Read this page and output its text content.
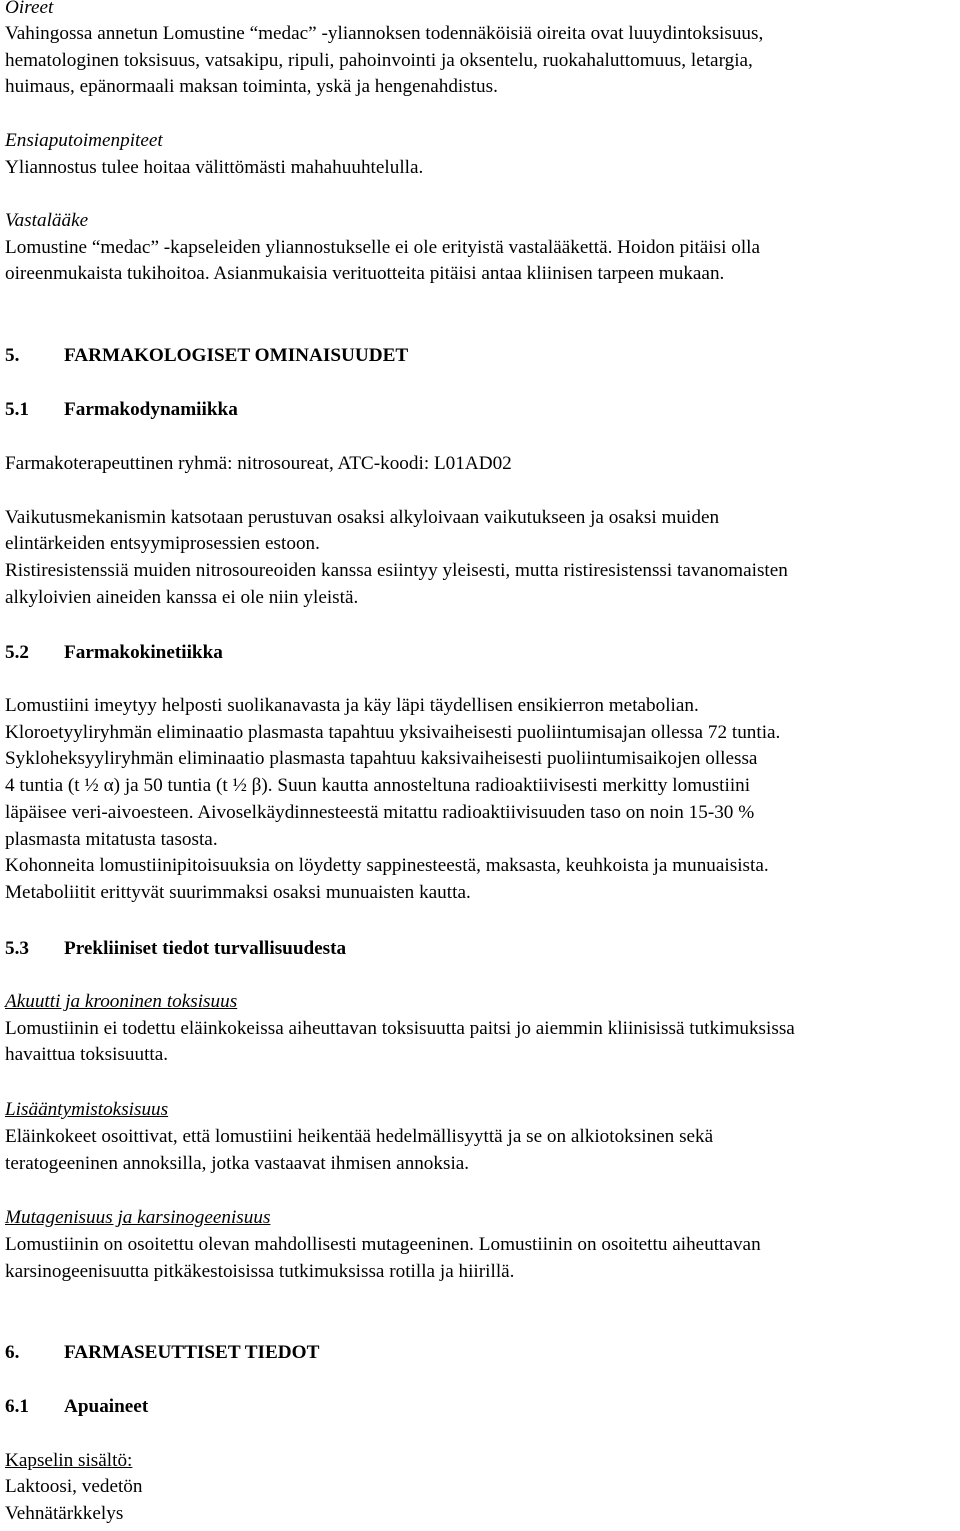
Oireet
Vahingossa annetun Lomustine “medac” -yliannoksen todennäköisiä oireita ovat luuydintoksisuus,
hematologinen toksisuus, vatsakipu, ripuli, pahoinvointi ja oksentelu, ruokahaluttomuus, letargia,
huimaus, epänormaali maksan toiminta, yskä ja hengenahdistus.
Ensiaputoimenpiteet
Yliannostus tulee hoitaa välittömästi mahahuuhtelulla.
Vastalääke
Lomustine “medac” -kapseleiden yliannostukselle ei ole erityistä vastalääkettä. Hoidon pitäisi olla
oireenmukaista tukihoitoa. Asianmukaisia verituotteita pitäisi antaa kliinisen tarpeen mukaan.
5. FARMAKOLOGISET OMINAISUUDET
5.1 Farmakodynamiikka
Farmakoterapeuttinen ryhmä: nitrosoureat, ATC-koodi: L01AD02
Vaikutusmekanismin katsotaan perustuvan osaksi alkyloivaan vaikutukseen ja osaksi muiden
elintärkeiden entsyymiprosessien estoon.
Ristiresistenssiä muiden nitrosoureoiden kanssa esiintyy yleisesti, mutta ristiresistenssi tavanomaisten
alkyloivien aineiden kanssa ei ole niin yleistä.
5.2 Farmakokinetiikka
Lomustiini imeytyy helposti suolikanavasta ja käy läpi täydellisen ensikierron metabolian.
Kloroetyyliryhmän eliminaatio plasmasta tapahtuu yksivaiheisesti puoliintumisajan ollessa 72 tuntia.
Sykloheksyyliryhmän eliminaatio plasmasta tapahtuu kaksivaiheisesti puoliintumisaikojen ollessa
4 tuntia (t ½ α) ja 50 tuntia (t ½ β). Suun kautta annosteltuna radioaktiivisesti merkitty lomustiini
läpäisee veri-aivoesteen. Aivoselkäydinnesteestä mitattu radioaktiivisuuden taso on noin 15-30 %
plasmasta mitatusta tasosta.
Kohonneita lomustiinipitoisuuksia on löydetty sappinesteestä, maksasta, keuhkoista ja munuaisista.
Metaboliitit erittyvät suurimmaksi osaksi munuaisten kautta.
5.3 Prekliiniset tiedot turvallisuudesta
Akuutti ja krooninen toksisuus
Lomustiinin ei todettu eläinkokeissa aiheuttavan toksisuutta paitsi jo aiemmin kliinisissä tutkimuksissa
havaittua toksisuutta.
Lisääntymistoksisuus
Eläinkokeet osoittivat, että lomustiini heikentää hedelmällisyyttä ja se on alkiotoksinen sekä
teratogeeninen annoksilla, jotka vastaavat ihmisen annoksia.
Mutagenisuus ja karsinogeenisuus
Lomustiinin on osoitettu olevan mahdollisesti mutageeninen. Lomustiinin on osoitettu aiheuttavan
karsinogeenisuutta pitkäkestoisissa tutkimuksissa rotilla ja hiirillä.
6. FARMASEUTTISET TIEDOT
6.1 Apuaineet
Kapselin sisältö:
Laktoosi, vedetön
Vehnätärkkelys
